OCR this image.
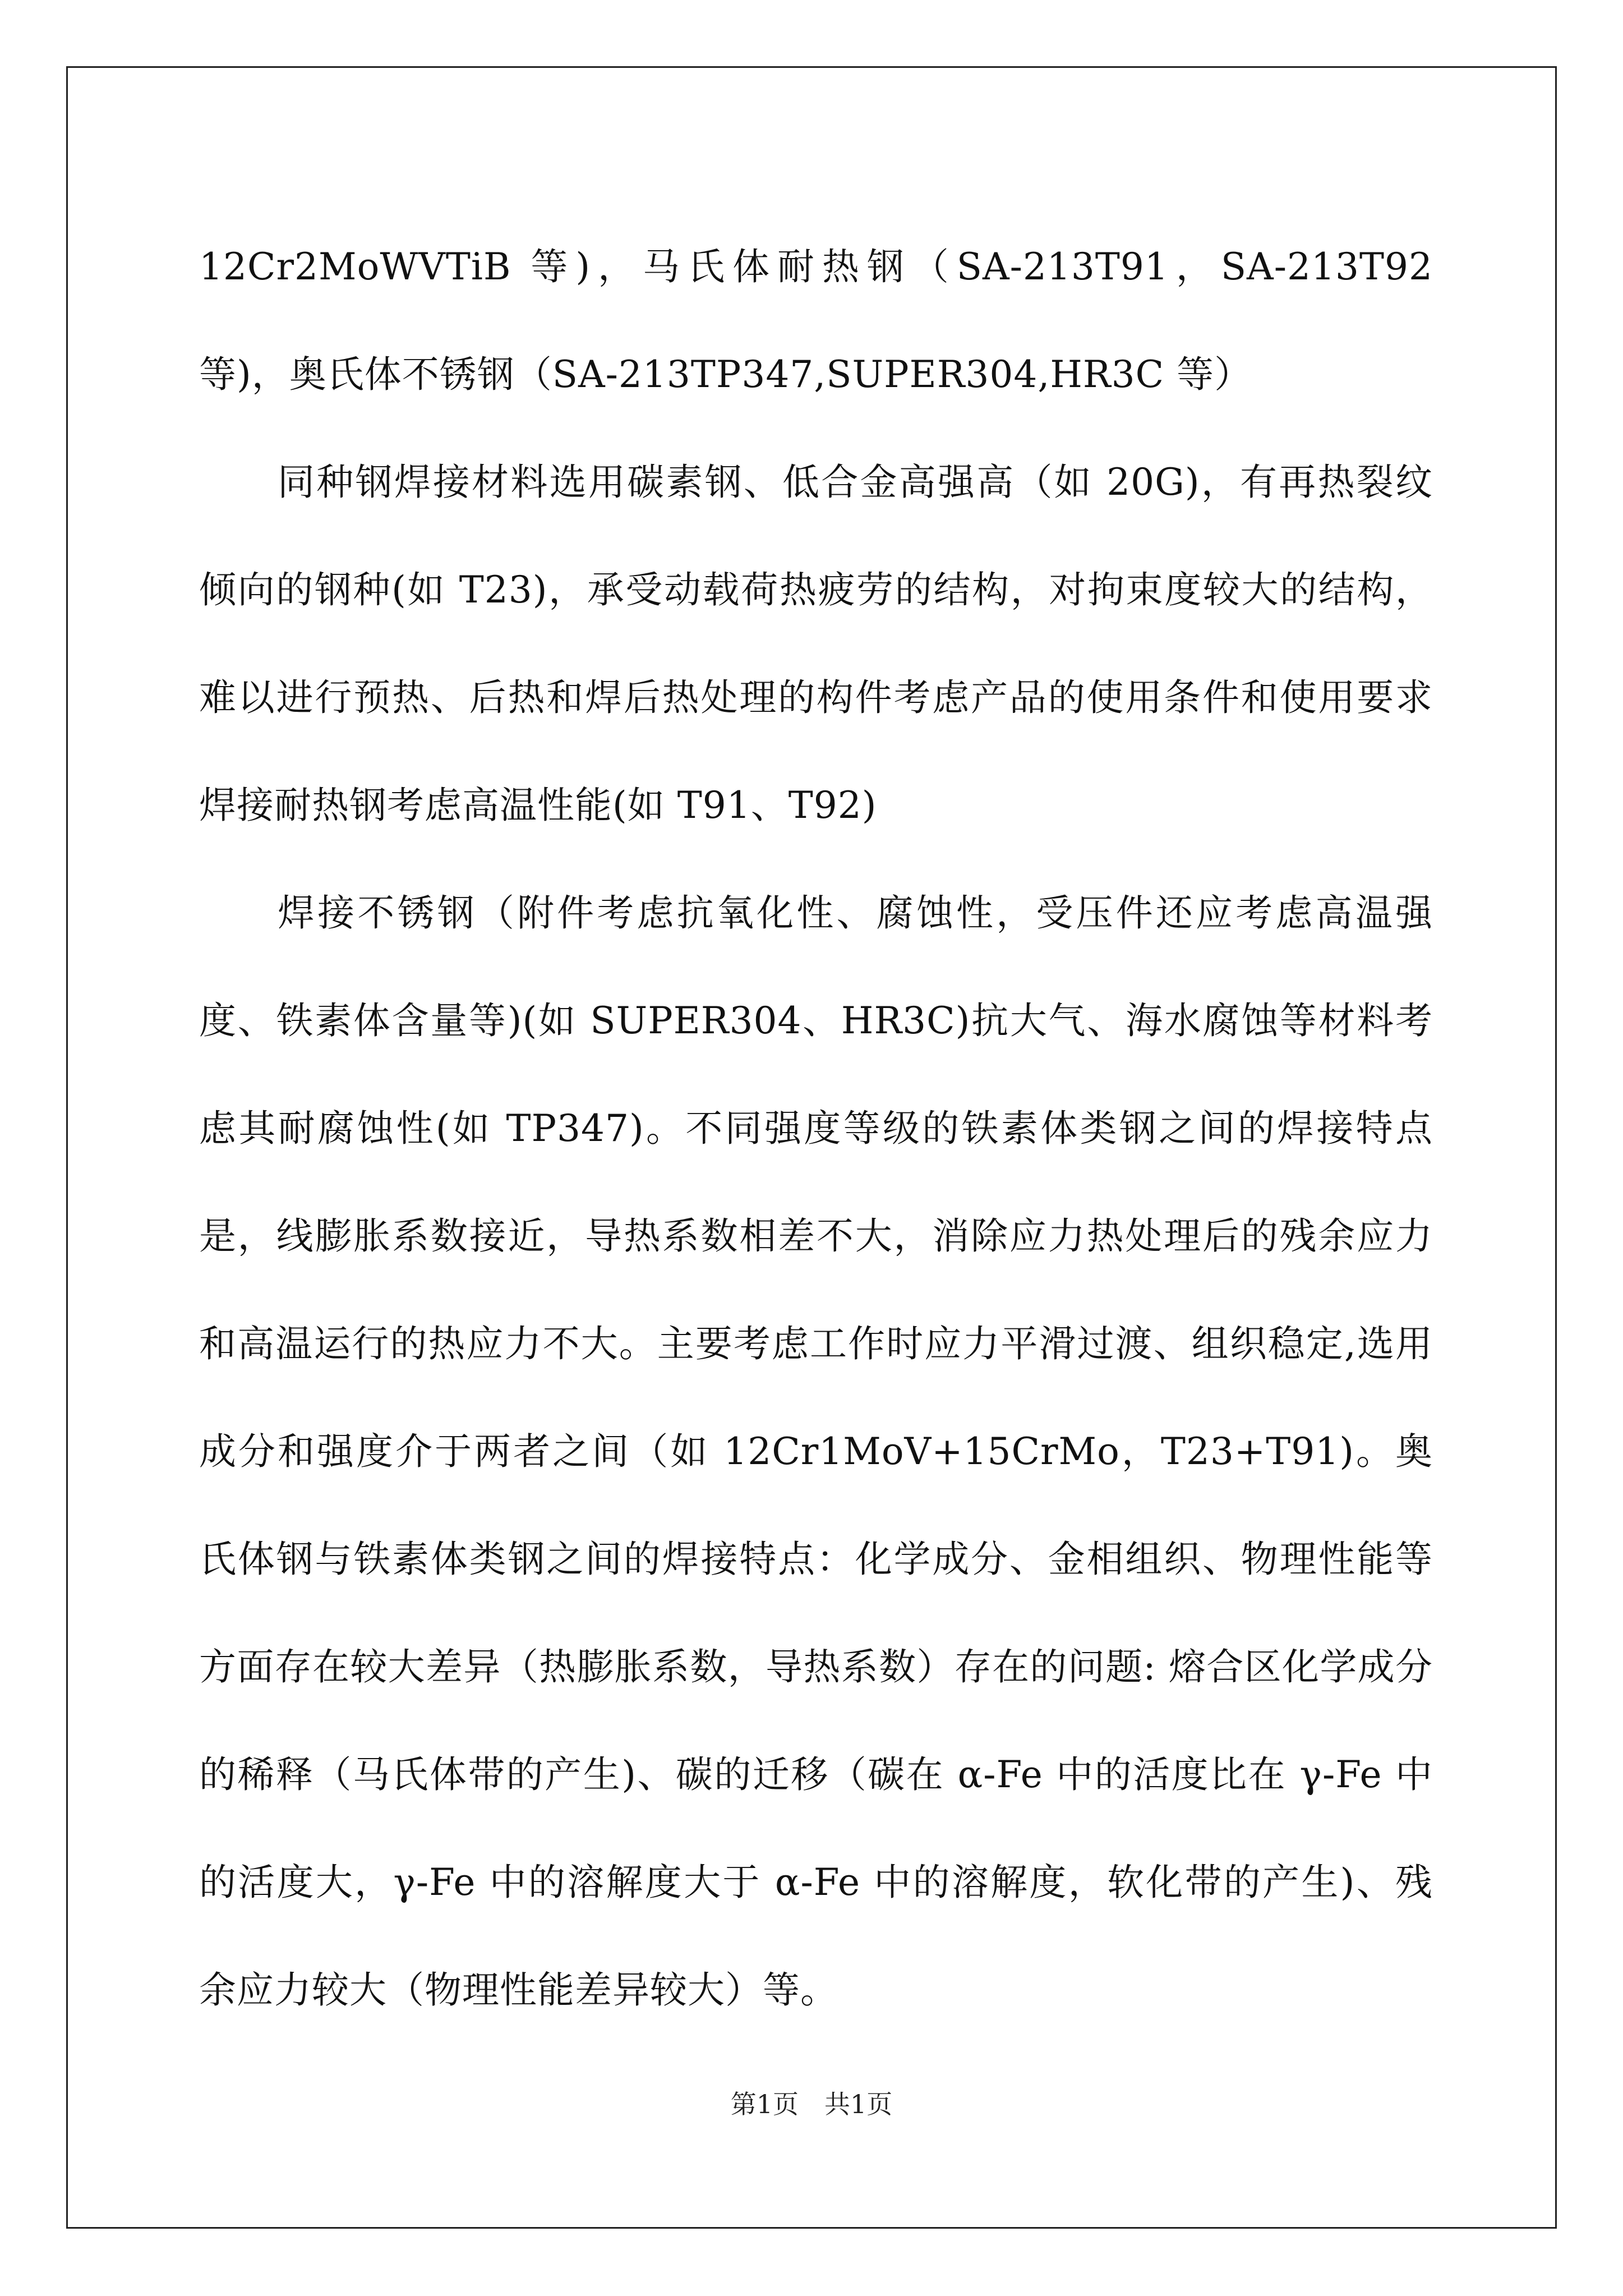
12Cr2MoWVTiB 等)，马氏体耐热钢（SA-213T91，SA-213T92 等)，奥氏体不锈钢（SA-213TP347,SUPER304,HR3C 等）

同种钢焊接材料选用碳素钢、低合金高强高（如 20G)，有再热裂纹倾向的钢种(如 T23)，承受动载荷热疲劳的结构，对拘束度较大的结构，难以进行预热、后热和焊后热处理的构件考虑产品的使用条件和使用要求焊接耐热钢考虑高温性能(如 T91、T92)

焊接不锈钢（附件考虑抗氧化性、腐蚀性，受压件还应考虑高温强度、铁素体含量等)(如 SUPER304、HR3C)抗大气、海水腐蚀等材料考虑其耐腐蚀性(如 TP347)。不同强度等级的铁素体类钢之间的焊接特点是，线膨胀系数接近，导热系数相差不大，消除应力热处理后的残余应力和高温运行的热应力不大。主要考虑工作时应力平滑过渡、组织稳定,选用成分和强度介于两者之间（如 12Cr1MoV+15CrMo，T23+T91)。奥氏体钢与铁素体类钢之间的焊接特点：化学成分、金相组织、物理性能等方面存在较大差异（热膨胀系数，导热系数）存在的问题: 熔合区化学成分的稀释（马氏体带的产生)、碳的迁移（碳在 α-Fe 中的活度比在 γ-Fe 中的活度大，γ-Fe 中的溶解度大于 α-Fe 中的溶解度，软化带的产生)、残余应力较大（物理性能差异较大）等。

第1页　共1页
